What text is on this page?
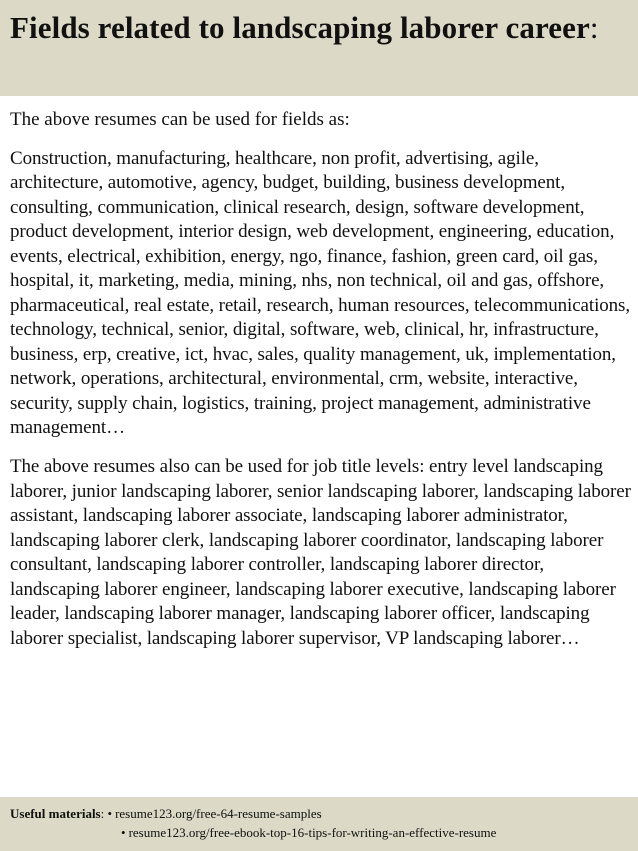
Fields related to landscaping laborer career:

The above resumes can be used for fields as:

Construction, manufacturing, healthcare, non profit, advertising, agile, architecture, automotive, agency, budget, building, business development, consulting, communication, clinical research, design, software development, product development, interior design, web development, engineering, education, events, electrical, exhibition, energy, ngo, finance, fashion, green card, oil gas, hospital, it, marketing, media, mining, nhs, non technical, oil and gas, offshore, pharmaceutical, real estate, retail, research, human resources, telecommunications, technology, technical, senior, digital, software, web, clinical, hr, infrastructure, business, erp, creative, ict, hvac, sales, quality management, uk, implementation, network, operations, architectural, environmental, crm, website, interactive, security, supply chain, logistics, training, project management, administrative management…

The above resumes also can be used for job title levels: entry level landscaping laborer, junior landscaping laborer, senior landscaping laborer, landscaping laborer assistant, landscaping laborer associate, landscaping laborer administrator, landscaping laborer clerk, landscaping laborer coordinator, landscaping laborer consultant, landscaping laborer controller, landscaping laborer director, landscaping laborer engineer, landscaping laborer executive, landscaping laborer leader, landscaping laborer manager, landscaping laborer officer, landscaping laborer specialist, landscaping laborer supervisor, VP landscaping laborer…

Useful materials: • resume123.org/free-64-resume-samples
• resume123.org/free-ebook-top-16-tips-for-writing-an-effective-resume
